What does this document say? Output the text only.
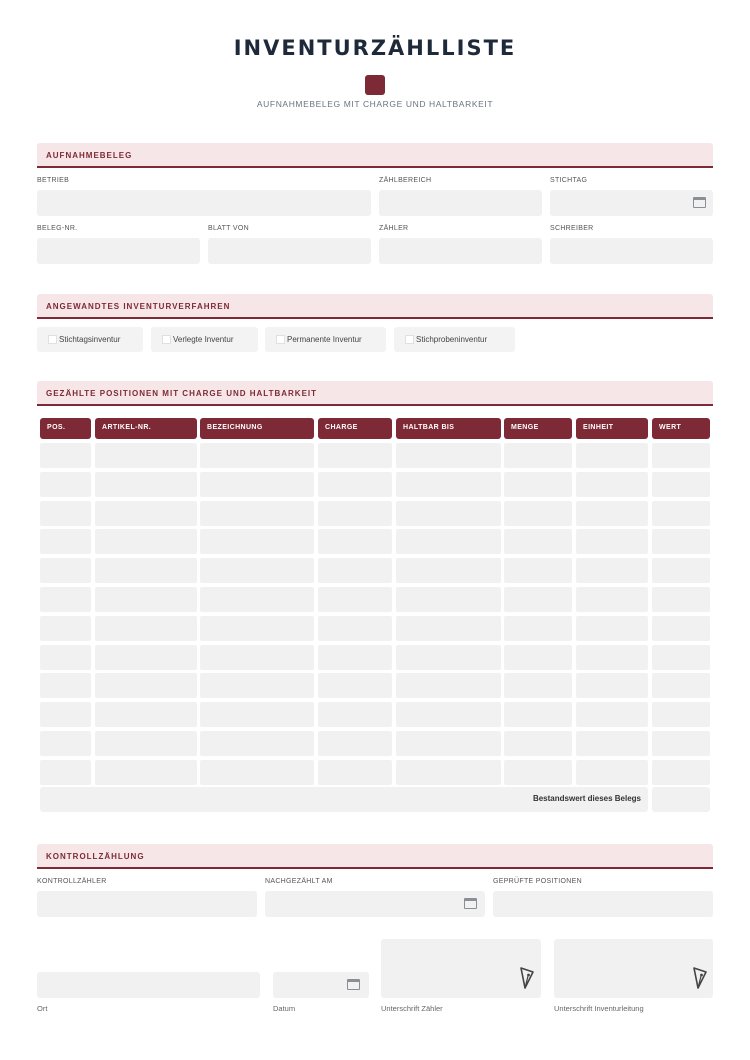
INVENTURZÄHLLISTE
AUFNAHMEBELEG MIT CHARGE UND HALTBARKEIT
AUFNAHMEBELEG
BETRIEB	ZÄHLBEREICH	STICHTAG
BELEG-NR.	BLATT VON	ZÄHLER	SCHREIBER
ANGEWANDTES INVENTURVERFAHREN
Stichtagsinventur	Verlegte Inventur	Permanente Inventur	Stichprobeninventur
GEZÄHLTE POSITIONEN MIT CHARGE UND HALTBARKEIT
POS.	ARTIKEL-NR.	BEZEICHNUNG	CHARGE	HALTBAR BIS	MENGE	EINHEIT	WERT
Bestandswert dieses Belegs
KONTROLLZÄHLUNG
KONTROLLZÄHLER	NACHGEZÄHLT AM	GEPRÜFTE POSITIONEN
Ort	Datum	Unterschrift Zähler	Unterschrift Inventurleitung
